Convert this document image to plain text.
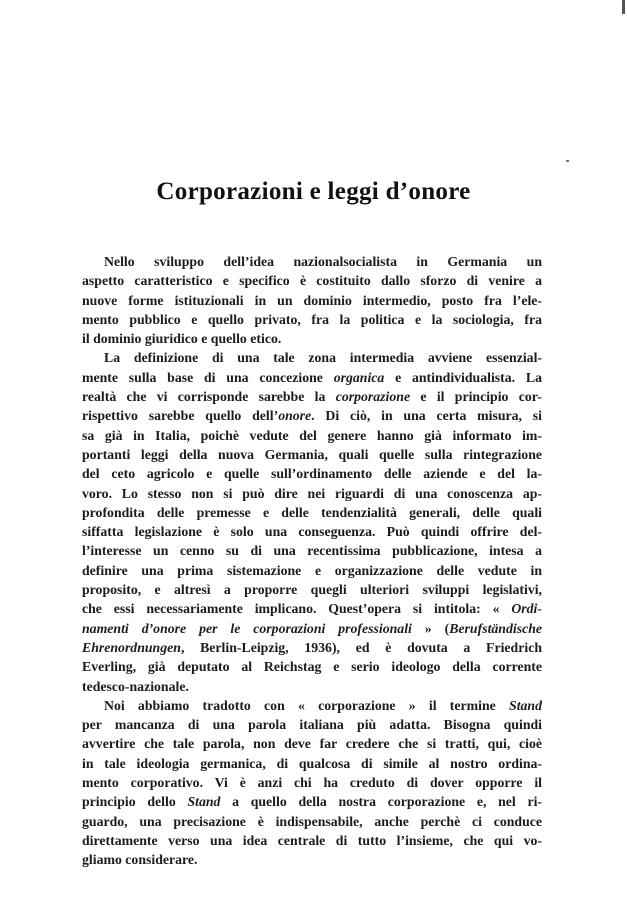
Corporazioni e leggi d’onore
Nello sviluppo dell’idea nazionalsocialista in Germania un
aspetto caratteristico e specifico è costituito dallo sforzo di venire a
nuove forme istituzionali in un dominio intermedio, posto fra l’ele-
mento pubblico e quello privato, fra la politica e la sociologia, fra
il dominio giuridico e quello etico.
La definizione di una tale zona intermedia avviene essenzial-
mente sulla base di una concezione organica e antindividualista. La
realtà che vi corrisponde sarebbe la corporazione e il principio cor-
rispettivo sarebbe quello dell’onore. Di ciò, in una certa misura, si
sa già in Italia, poichè vedute del genere hanno già informato im-
portanti leggi della nuova Germania, quali quelle sulla rintegrazione
del ceto agricolo e quelle sull’ordinamento delle aziende e del la-
voro. Lo stesso non si può dire nei riguardi di una conoscenza ap-
profondita delle premesse e delle tendenzialità generali, delle quali
siffatta legislazione è solo una conseguenza. Può quindi offrire del-
l’interesse un cenno su di una recentissima pubblicazione, intesa a
definire una prima sistemazione e organizzazione delle vedute in
proposito, e altresì a proporre quegli ulteriori sviluppi legislativi,
che essi necessariamente implicano. Quest’opera si intitola: « Ordi-
namenti d’onore per le corporazioni professionali » (Berufständische
Ehrenordnungen, Berlin-Leipzig, 1936), ed è dovuta a Friedrich
Everling, già deputato al Reichstag e serio ideologo della corrente
tedesco-nazionale.
Noi abbiamo tradotto con « corporazione » il termine Stand
per mancanza di una parola italiana più adatta. Bisogna quindi
avvertire che tale parola, non deve far credere che si tratti, qui, cioè
in tale ideologia germanica, di qualcosa di simile al nostro ordina-
mento corporativo. Vi è anzi chi ha creduto di dover opporre il
principio dello Stand a quello della nostra corporazione e, nel ri-
guardo, una precisazione è indispensabile, anche perchè ci conduce
direttamente verso una idea centrale di tutto l’insieme, che qui vo-
gliamo considerare.
